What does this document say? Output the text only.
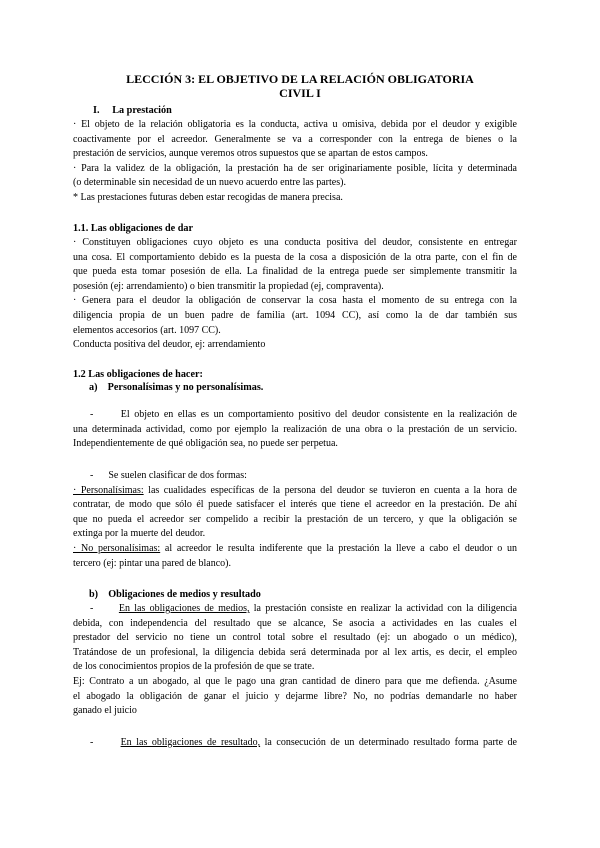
LECCIÓN 3: EL OBJETIVO DE LA RELACIÓN OBLIGATORIA
CIVIL I
I.     La prestación
· El objeto de la relación obligatoria es la conducta, activa u omisiva, debida por el deudor y exigible
coactivamente por el acreedor. Generalmente se va a corresponder con la entrega de bienes o la
prestación de servicios, aunque veremos otros supuestos que se apartan de estos campos.
· Para la validez de la obligación, la prestación ha de ser originariamente posible, lícita y determinada
(o determinable sin necesidad de un nuevo acuerdo entre las partes).
* Las prestaciones futuras deben estar recogidas de manera precisa.
1.1. Las obligaciones de dar
· Constituyen obligaciones cuyo objeto es una conducta positiva del deudor, consistente en entregar
una cosa. El comportamiento debido es la puesta de la cosa a disposición de la otra parte, con el fin de
que pueda esta tomar posesión de ella. La finalidad de la entrega puede ser simplemente transmitir la
posesión (ej: arrendamiento) o bien transmitir la propiedad (ej, compraventa).
· Genera para el deudor la obligación de conservar la cosa hasta el momento de su entrega con la
diligencia propia de un buen padre de familia (art. 1094 CC), así como la de dar también sus
elementos accesorios (art. 1097 CC).
Conducta positiva del deudor, ej: arrendamiento
1.2 Las obligaciones de hacer:
a)    Personalísimas y no personalísimas.
-      El objeto en ellas es un comportamiento positivo del deudor consistente en la realización de
una determinada actividad, como por ejemplo la realización de una obra o la prestación de un servicio.
Independientemente de qué obligación sea, no puede ser perpetua.
-      Se suelen clasificar de dos formas:
· Personalísimas: las cualidades específicas de la persona del deudor se tuvieron en cuenta a la hora de
contratar, de modo que sólo él puede satisfacer el interés que tiene el acreedor en la prestación. De ahí
que no pueda el acreedor ser compelido a recibir la prestación de un tercero, y que la obligación se
extinga por la muerte del deudor.
· No personalísimas: al acreedor le resulta indiferente que la prestación la lleve a cabo el deudor o un
tercero (ej: pintar una pared de blanco).
b)    Obligaciones de medios y resultado
-      En las obligaciones de medios, la prestación consiste en realizar la actividad con la diligencia
debida, con independencia del resultado que se alcance, Se asocia a actividades en las cuales el
prestador del servicio no tiene un control total sobre el resultado (ej: un abogado o un médico),
Tratándose de un profesional, la diligencia debida será determinada por al lex artis, es decir, el empleo
de los conocimientos propios de la profesión de que se trate.
Ej: Contrato a un abogado, al que le pago una gran cantidad de dinero para que me defienda. ¿Asume
el abogado la obligación de ganar el juicio y dejarme libre? No, no podrías demandarle no haber
ganado el juicio
-      En las obligaciones de resultado, la consecución de un determinado resultado forma parte de
